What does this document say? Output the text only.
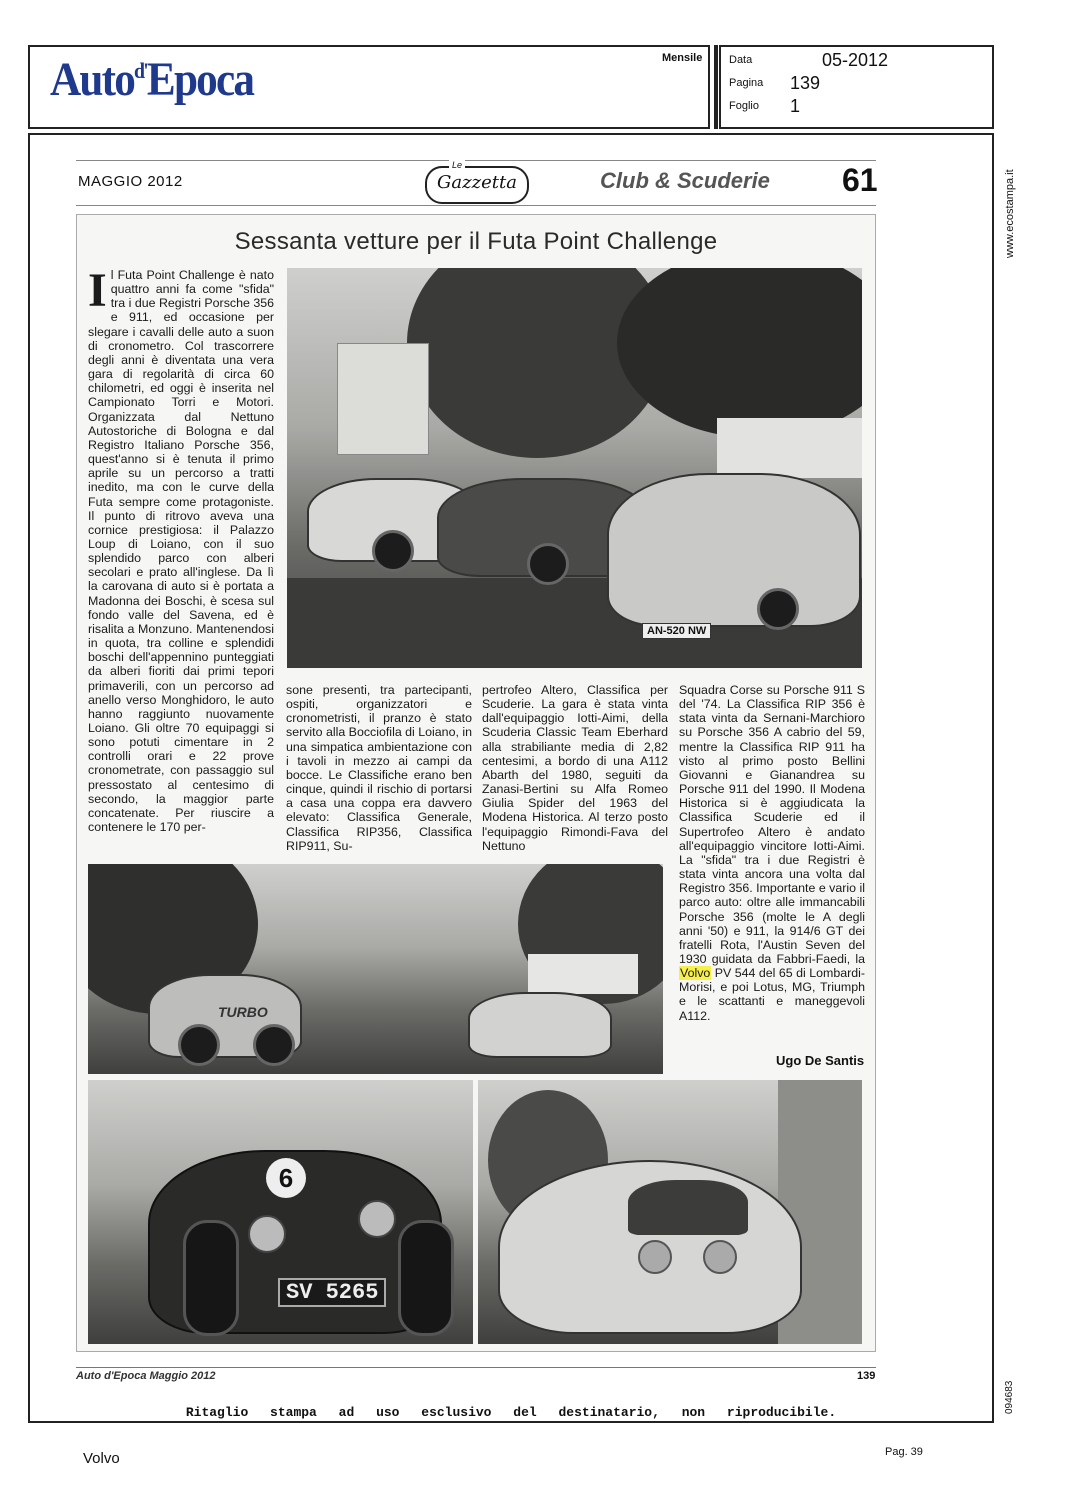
Auto$^{d'}$Epoca	Mensile Data	05-2012
Pagina 139
Foglio 1
www.ecostampa.it
094683
MAGGIO 2012	Gazzetta
Le
Club & Scuderie 61
Sessanta vetture per il Futa Point Challenge
Il Futa Point Challenge è nato quattro anni fa come "sfida" tra i due Registri Porsche 356 e 911, ed occasione per slegare i cavalli delle auto a suon di cronometro. Col trascorrere degli anni è diventata una vera gara di regolarità di circa 60 chilometri, ed oggi è inserita nel Campionato Torri e Motori. Organizzata dal Nettuno Autostoriche di Bologna e dal Registro Italiano Porsche 356, quest'anno si è tenuta il primo aprile su un percorso a tratti inedito, ma con le curve della Futa sempre come protagoniste. Il punto di ritrovo aveva una cornice prestigiosa: il Palazzo Loup di Loiano, con il suo splendido parco con alberi secolari e prato all'inglese. Da lì la carovana di auto si è portata a Madonna dei Boschi, è scesa sul fondo valle del Savena, ed è risalita a Monzuno. Mantenendosi in quota, tra colline e splendidi boschi dell'appennino punteggiati da alberi fioriti dai primi tepori primaverili, con un percorso ad anello verso Monghidoro, le auto hanno raggiunto nuovamente Loiano. Gli oltre 70 equipaggi si sono potuti cimentare in 2 controlli orari e 22 prove cronometrate, con passaggio sul pressostato al centesimo di secondo, la maggior parte concatenate. Per riuscire a contenere le 170 per-
sone presenti, tra partecipanti, ospiti, organizzatori e cronometristi, il pranzo è stato servito alla Bocciofila di Loiano, in una simpatica ambientazione con i tavoli in mezzo ai campi da bocce. Le Classifiche erano ben cinque, quindi il rischio di portarsi a casa una coppa era davvero elevato: Classifica Generale, Classifica RIP356, Classifica RIP911, Su-
pertrofeo Altero, Classifica per Scuderie. La gara è stata vinta dall'equipaggio Iotti-Aimi, della Scuderia Classic Team Eberhard alla strabiliante media di 2,82 centesimi, a bordo di una A112 Abarth del 1980, seguiti da Zanasi-Bertini su Alfa Romeo Giulia Spider del 1963 del Modena Historica. Al terzo posto l'equipaggio Rimondi-Fava del Nettuno
Squadra Corse su Porsche 911 S del '74. La Classifica RIP 356 è stata vinta da Sernani-Marchioro su Porsche 356 A cabrio del 59, mentre la Classifica RIP 911 ha visto al primo posto Bellini Giovanni e Gianandrea su Porsche 911 del 1990. Il Modena Historica si è aggiudicata la Classifica Scuderie ed il Supertrofeo Altero è andato all'equipaggio vincitore Iotti-Aimi. La "sfida" tra i due Registri è stata vinta ancora una volta dal Registro 356. Importante e vario il parco auto: oltre alle immancabili Porsche 356 (molte le A degli anni '50) e 911, la 914/6 GT dei fratelli Rota, l'Austin Seven del 1930 guidata da Fabbri-Faedi, la Volvo PV 544 del 65 di Lombardi-Morisi, e poi Lotus, MG, Triumph e le scattanti e maneggevoli A112.
Ugo De Santis
AN-520 NW
TURBO
6
SV 5265
Auto d'Epoca Maggio 2012	139
Ritaglio stampa ad uso esclusivo del destinatario, non riproducibile.
Volvo	Pag. 39
